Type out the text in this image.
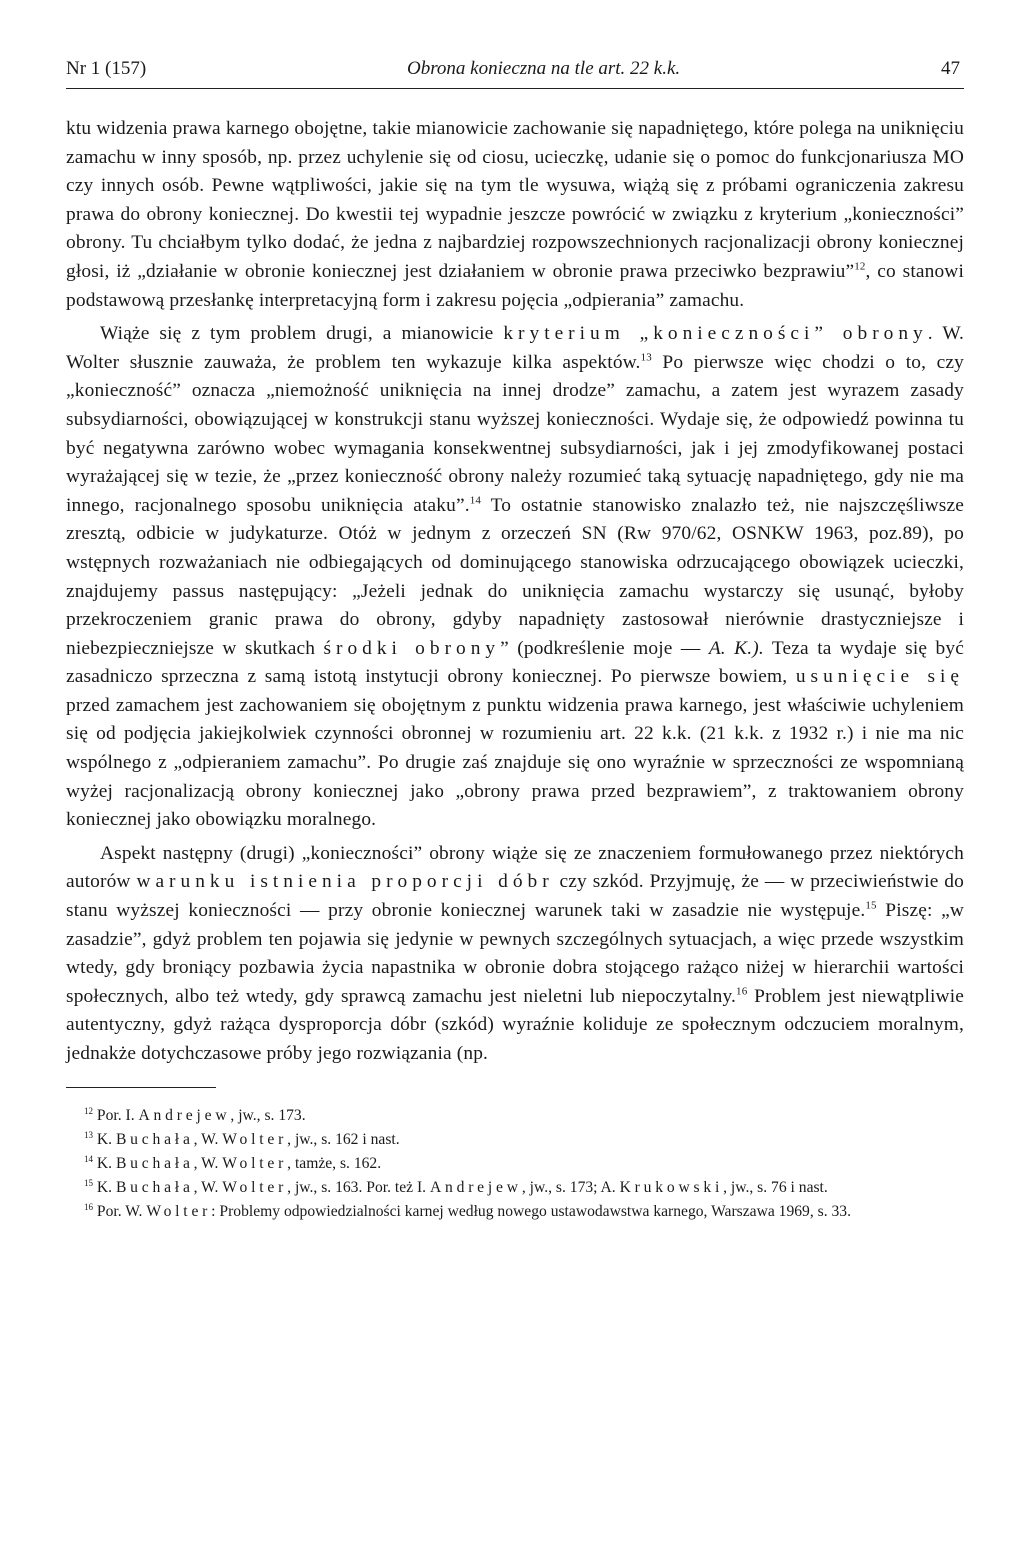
Nr 1 (157)	Obrona konieczna na tle art. 22 k.k.	47

ktu widzenia prawa karnego obojętne, takie mianowicie zachowanie się napadniętego, które polega na uniknięciu zamachu w inny sposób, np. przez uchylenie się od ciosu, ucieczkę, udanie się o pomoc do funkcjonariusza MO czy innych osób. Pewne wątpliwości, jakie się na tym tle wysuwa, wiążą się z próbami ograniczenia zakresu prawa do obrony koniecznej. Do kwestii tej wypadnie jeszcze powrócić w związku z kryterium „konieczności” obrony. Tu chciałbym tylko dodać, że jedna z najbardziej rozpowszechnionych racjonalizacji obrony koniecznej głosi, iż „działanie w obronie koniecznej jest działaniem w obronie prawa przeciwko bezprawiu”$^{12}$, co stanowi podstawową przesłankę interpretacyjną form i zakresu pojęcia „odpierania” zamachu.

Wiąże się z tym problem drugi, a mianowicie kryterium „konieczności” obrony. W. Wolter słusznie zauważa, że problem ten wykazuje kilka aspektów.$^{13}$ Po pierwsze więc chodzi o to, czy „konieczność” oznacza „niemożność uniknięcia na innej drodze” zamachu, a zatem jest wyrazem zasady subsydiarności, obowiązującej w konstrukcji stanu wyższej konieczności. Wydaje się, że odpowiedź powinna tu być negatywna zarówno wobec wymagania konsekwentnej subsydiarności, jak i jej zmodyfikowanej postaci wyrażającej się w tezie, że „przez konieczność obrony należy rozumieć taką sytuację napadniętego, gdy nie ma innego, racjonalnego sposobu uniknięcia ataku”.$^{14}$ To ostatnie stanowisko znalazło też, nie najszczęśliwsze zresztą, odbicie w judykaturze. Otóż w jednym z orzeczeń SN (Rw 970/62, OSNKW 1963, poz.89), po wstępnych rozważaniach nie odbiegających od dominującego stanowiska odrzucającego obowiązek ucieczki, znajdujemy passus następujący: „Jeżeli jednak do uniknięcia zamachu wystarczy się usunąć, byłoby przekroczeniem granic prawa do obrony, gdyby napadnięty zastosował nierównie drastyczniejsze i niebezpieczniejsze w skutkach środki obrony” (podkreślenie moje — A. K.). Teza ta wydaje się być zasadniczo sprzeczna z samą istotą instytucji obrony koniecznej. Po pierwsze bowiem, usunięcie się przed zamachem jest zachowaniem się obojętnym z punktu widzenia prawa karnego, jest właściwie uchyleniem się od podjęcia jakiejkolwiek czynności obronnej w rozumieniu art. 22 k.k. (21 k.k. z 1932 r.) i nie ma nic wspólnego z „odpieraniem zamachu”. Po drugie zaś znajduje się ono wyraźnie w sprzeczności ze wspomnianą wyżej racjonalizacją obrony koniecznej jako „obrony prawa przed bezprawiem”, z traktowaniem obrony koniecznej jako obowiązku moralnego.

Aspekt następny (drugi) „konieczności” obrony wiąże się ze znaczeniem formułowanego przez niektórych autorów warunku istnienia proporcji dóbr czy szkód. Przyjmuję, że — w przeciwieństwie do stanu wyższej konieczności — przy obronie koniecznej warunek taki w zasadzie nie występuje.$^{15}$ Piszę: „w zasadzie”, gdyż problem ten pojawia się jedynie w pewnych szczególnych sytuacjach, a więc przede wszystkim wtedy, gdy broniący pozbawia życia napastnika w obronie dobra stojącego rażąco niżej w hierarchii wartości społecznych, albo też wtedy, gdy sprawcą zamachu jest nieletni lub niepoczytalny.$^{16}$ Problem jest niewątpliwie autentyczny, gdyż rażąca dysproporcja dóbr (szkód) wyraźnie koliduje ze społecznym odczuciem moralnym, jednakże dotychczasowe próby jego rozwiązania (np.

$^{12}$ Por. I. Andrejew, jw., s. 173.

$^{13}$ K. Buchała, W. Wolter, jw., s. 162 i nast.

$^{14}$ K. Buchała, W. Wolter, tamże, s. 162.

$^{15}$ K. Buchała, W. Wolter, jw., s. 163. Por. też I. Andrejew, jw., s. 173; A. Krukowski, jw., s. 76 i nast.

$^{16}$ Por. W. Wolter: Problemy odpowiedzialności karnej według nowego ustawodawstwa karnego, Warszawa 1969, s. 33.
